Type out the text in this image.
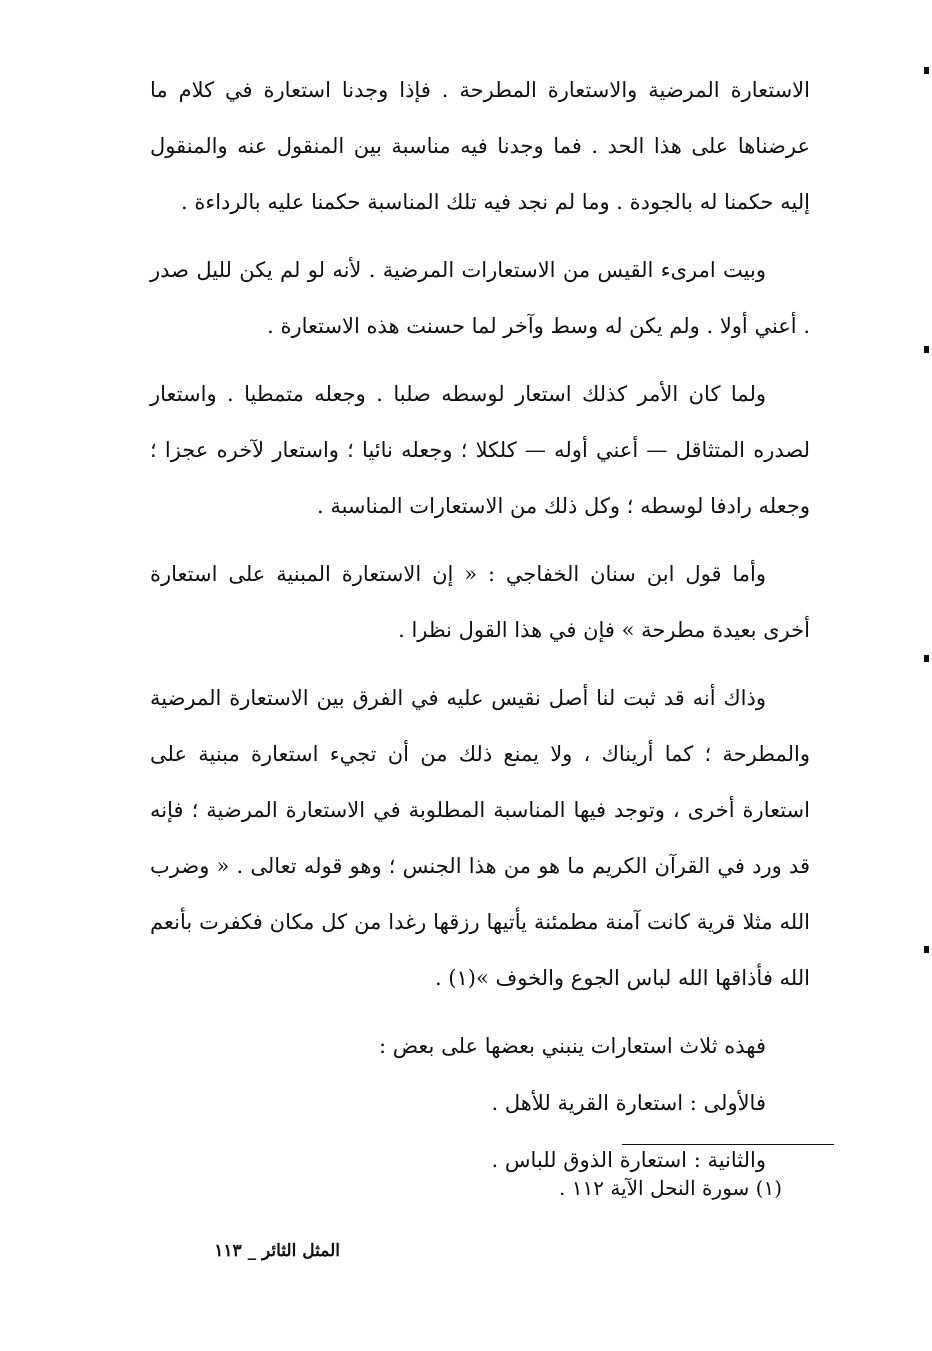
الاستعارة المرضية والاستعارة المطرحة . فإذا وجدنا استعارة في كلام ما عرضناها على هذا الحد . فما وجدنا فيه مناسبة بين المنقول عنه والمنقول إليه حكمنا له بالجودة . وما لم نجد فيه تلك المناسبة حكمنا عليه بالرداءة .

وبيت امرىء القيس من الاستعارات المرضية . لأنه لو لم يكن لليل صدر . أعني أولا . ولم يكن له وسط وآخر لما حسنت هذه الاستعارة .

ولما كان الأمر كذلك استعار لوسطه صلبا . وجعله متمطيا . واستعار لصدره المتثاقل — أعني أوله — كلكلا ؛ وجعله نائيا ؛ واستعار لآخره عجزا ؛ وجعله رادفا لوسطه ؛ وكل ذلك من الاستعارات المناسبة .

وأما قول ابن سنان الخفاجي : « إن الاستعارة المبنية على استعارة أخرى بعيدة مطرحة » فإن في هذا القول نظرا .

وذاك أنه قد ثبت لنا أصل نقيس عليه في الفرق بين الاستعارة المرضية والمطرحة ؛ كما أريناك ، ولا يمنع ذلك من أن تجيء استعارة مبنية على استعارة أخرى ، وتوجد فيها المناسبة المطلوبة في الاستعارة المرضية ؛ فإنه قد ورد في القرآن الكريم ما هو من هذا الجنس ؛ وهو قوله تعالى . « وضرب الله مثلا قرية كانت آمنة مطمئنة يأتيها رزقها رغدا من كل مكان فكفرت بأنعم الله فأذاقها الله لباس الجوع والخوف »(١) .

فهذه ثلاث استعارات ينبني بعضها على بعض :

فالأولى : استعارة القرية للأهل .

والثانية : استعارة الذوق للباس .

(١) سورة النحل الآية ١١٢ .
المثل الثائر _ ١١٣
